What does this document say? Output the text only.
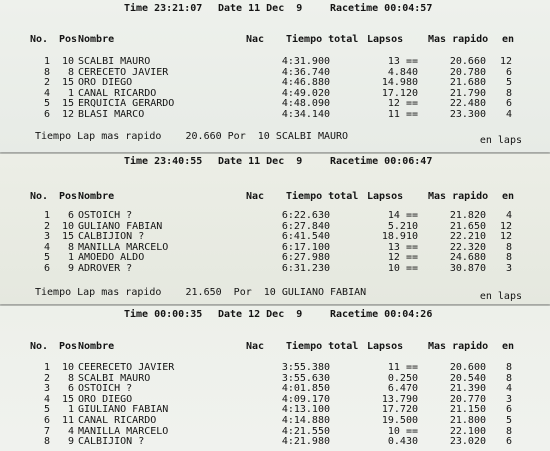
Time 23:21:07 Date 11 Dec  9	Racetime 00:04:57
No. Pos Nombre	Nac Tiempo total Lapsos Mas rapido en
1 10 SCALBI MAURO	4:31.900	13 ==	20.660 12
8 8 CERECETO JAVIER	4:36.740	4.840	20.780 6
2 15 ORO DIEGO	4:46.880	14.980	21.680 5
4 1 CANAL RICARDO	4:49.020	17.120	21.790 8
5 15 ERQUICIA GERARDO	4:48.090	12 ==	22.480 6
6 12 BLASI MARCO	4:34.140	11 ==	23.300 4
Tiempo Lap mas rapido    20.660 Por  10 SCALBI MAURO	en laps
Time 23:40:55 Date 11 Dec  9	Racetime 00:06:47
No. Pos Nombre	Nac Tiempo total Lapsos Mas rapido en
1 6 OSTOICH ?	6:22.630	14 ==	21.820 4
2 10 GULIANO FABIAN	6:27.840	5.210	21.650 12
3 15 CALBIJION ?	6:41.540	18.910	22.210 12
4 8 MANILLA MARCELO	6:17.100	13 ==	22.320 8
5 1 AMOEDO ALDO	6:27.980	12 ==	24.680 8
6 9 ADROVER ?	6:31.230	10 ==	30.870 3
Tiempo Lap mas rapido    21.650  Por  10 GULIANO FABIAN	en laps
Time 00:00:35 Date 12 Dec  9	Racetime 00:04:26
No. Pos Nombre	Nac Tiempo total Lapsos Mas rapido en
1 10 CEERECETO JAVIER	3:55.380	11 ==	20.600 8
2 8 SCALBI MAURO	3:55.630	0.250	20.540 8
3 6 OSTOICH ?	4:01.850	6.470	21.390 4
4 15 ORO DIEGO	4:09.170	13.790	20.770 3
5 1 GIULIANO FABIAN	4:13.100	17.720	21.150 6
6 11 CANAL RICARDO	4:14.880	19.500	21.800 5
7 4 MANILLA MARCELO	4:21.550	10 ==	22.100 8
8 9 CALBIJION ?	4:21.980	0.430	23.020 6
